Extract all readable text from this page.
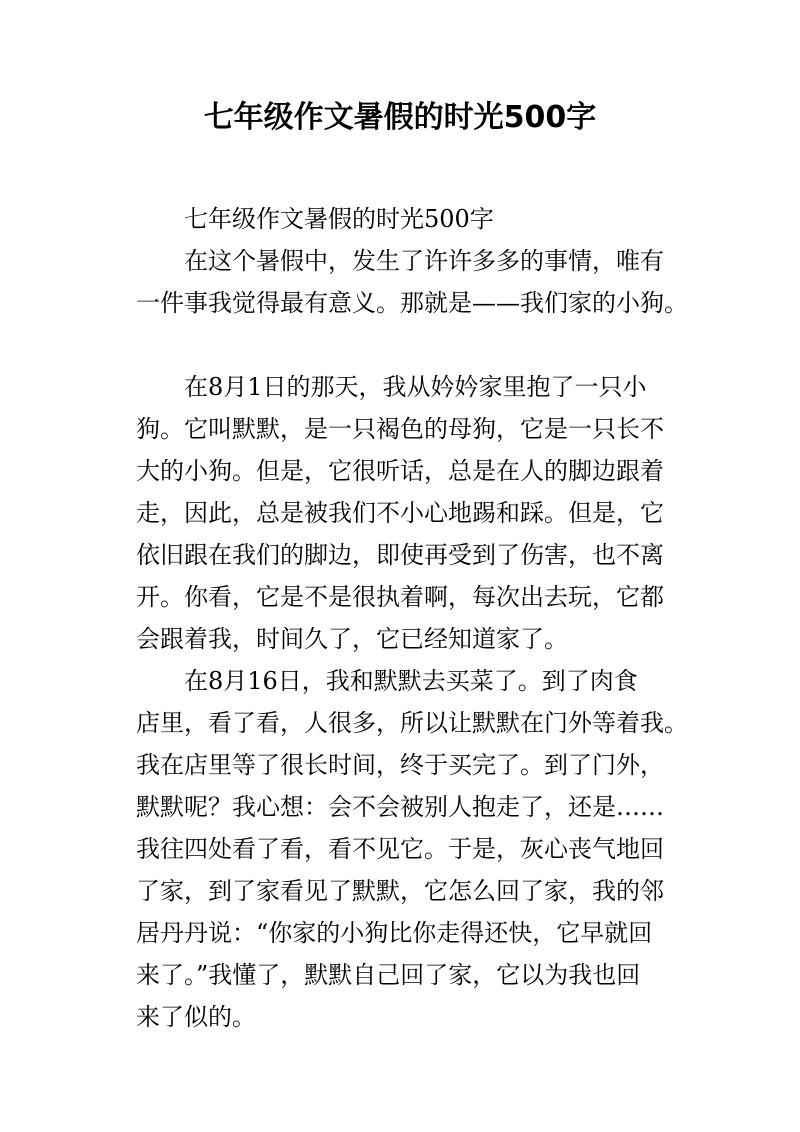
七年级作文暑假的时光500字
七年级作文暑假的时光500字
在这个暑假中，发生了许许多多的事情，唯有
一件事我觉得最有意义。那就是——我们家的小狗。
在8月1日的那天，我从妗妗家里抱了一只小
狗。它叫默默，是一只褐色的母狗，它是一只长不
大的小狗。但是，它很听话，总是在人的脚边跟着
走，因此，总是被我们不小心地踢和踩。但是，它
依旧跟在我们的脚边，即使再受到了伤害，也不离
开。你看，它是不是很执着啊，每次出去玩，它都
会跟着我，时间久了，它已经知道家了。
在8月16日，我和默默去买菜了。到了肉食
店里，看了看，人很多，所以让默默在门外等着我。
我在店里等了很长时间，终于买完了。到了门外，
默默呢？我心想：会不会被别人抱走了，还是……
我往四处看了看，看不见它。于是，灰心丧气地回
了家，到了家看见了默默，它怎么回了家，我的邻
居丹丹说：“你家的小狗比你走得还快，它早就回
来了。”我懂了，默默自己回了家，它以为我也回
来了似的。
